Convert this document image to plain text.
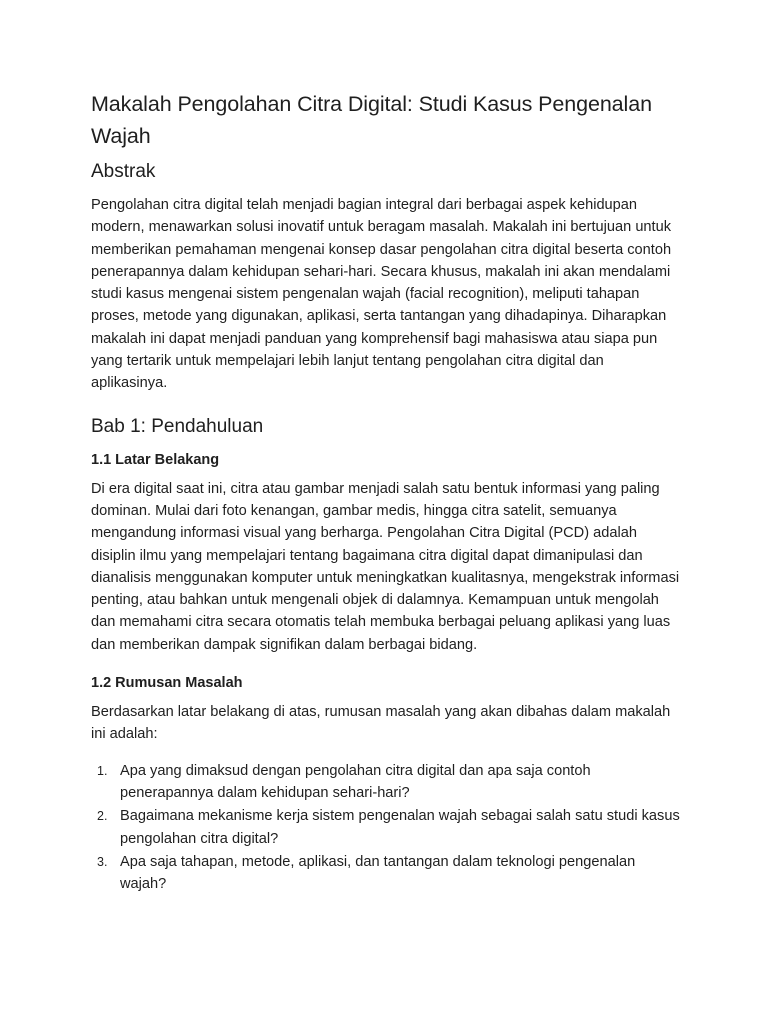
Makalah Pengolahan Citra Digital: Studi Kasus Pengenalan Wajah
Abstrak

Pengolahan citra digital telah menjadi bagian integral dari berbagai aspek kehidupan modern, menawarkan solusi inovatif untuk beragam masalah. Makalah ini bertujuan untuk memberikan pemahaman mengenai konsep dasar pengolahan citra digital beserta contoh penerapannya dalam kehidupan sehari-hari. Secara khusus, makalah ini akan mendalami studi kasus mengenai sistem pengenalan wajah (facial recognition), meliputi tahapan proses, metode yang digunakan, aplikasi, serta tantangan yang dihadapinya. Diharapkan makalah ini dapat menjadi panduan yang komprehensif bagi mahasiswa atau siapa pun yang tertarik untuk mempelajari lebih lanjut tentang pengolahan citra digital dan aplikasinya.

Bab 1: Pendahuluan
1.1 Latar Belakang

Di era digital saat ini, citra atau gambar menjadi salah satu bentuk informasi yang paling dominan. Mulai dari foto kenangan, gambar medis, hingga citra satelit, semuanya mengandung informasi visual yang berharga. Pengolahan Citra Digital (PCD) adalah disiplin ilmu yang mempelajari tentang bagaimana citra digital dapat dimanipulasi dan dianalisis menggunakan komputer untuk meningkatkan kualitasnya, mengekstrak informasi penting, atau bahkan untuk mengenali objek di dalamnya. Kemampuan untuk mengolah dan memahami citra secara otomatis telah membuka berbagai peluang aplikasi yang luas dan memberikan dampak signifikan dalam berbagai bidang.

1.2 Rumusan Masalah

Berdasarkan latar belakang di atas, rumusan masalah yang akan dibahas dalam makalah ini adalah:

1. Apa yang dimaksud dengan pengolahan citra digital dan apa saja contoh penerapannya dalam kehidupan sehari-hari?
2. Bagaimana mekanisme kerja sistem pengenalan wajah sebagai salah satu studi kasus pengolahan citra digital?
3. Apa saja tahapan, metode, aplikasi, dan tantangan dalam teknologi pengenalan wajah?
